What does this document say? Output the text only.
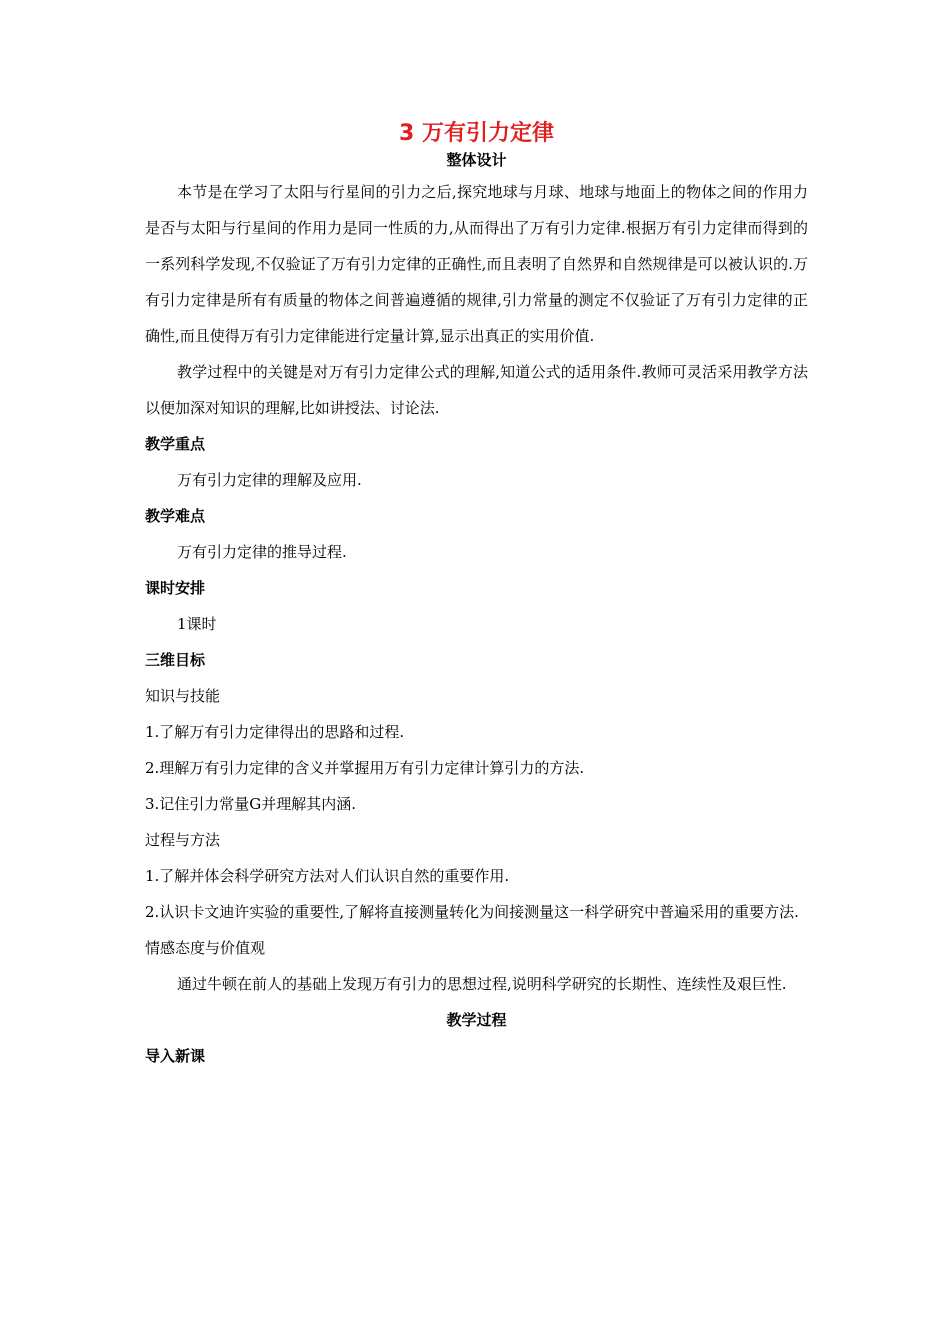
3 万有引力定律
整体设计

本节是在学习了太阳与行星间的引力之后,探究地球与月球、地球与地面上的物体之间的作用力是否与太阳与行星间的作用力是同一性质的力,从而得出了万有引力定律.根据万有引力定律而得到的一系列科学发现,不仅验证了万有引力定律的正确性,而且表明了自然界和自然规律是可以被认识的.万有引力定律是所有有质量的物体之间普遍遵循的规律,引力常量的测定不仅验证了万有引力定律的正确性,而且使得万有引力定律能进行定量计算,显示出真正的实用价值.

教学过程中的关键是对万有引力定律公式的理解,知道公式的适用条件.教师可灵活采用教学方法以便加深对知识的理解,比如讲授法、讨论法.

教学重点
万有引力定律的理解及应用.
教学难点
万有引力定律的推导过程.
课时安排
1课时
三维目标
知识与技能
1.了解万有引力定律得出的思路和过程.
2.理解万有引力定律的含义并掌握用万有引力定律计算引力的方法.
3.记住引力常量G并理解其内涵.
过程与方法
1.了解并体会科学研究方法对人们认识自然的重要作用.
2.认识卡文迪许实验的重要性,了解将直接测量转化为间接测量这一科学研究中普遍采用的重要方法.
情感态度与价值观

通过牛顿在前人的基础上发现万有引力的思想过程,说明科学研究的长期性、连续性及艰巨性.

教学过程
导入新课
